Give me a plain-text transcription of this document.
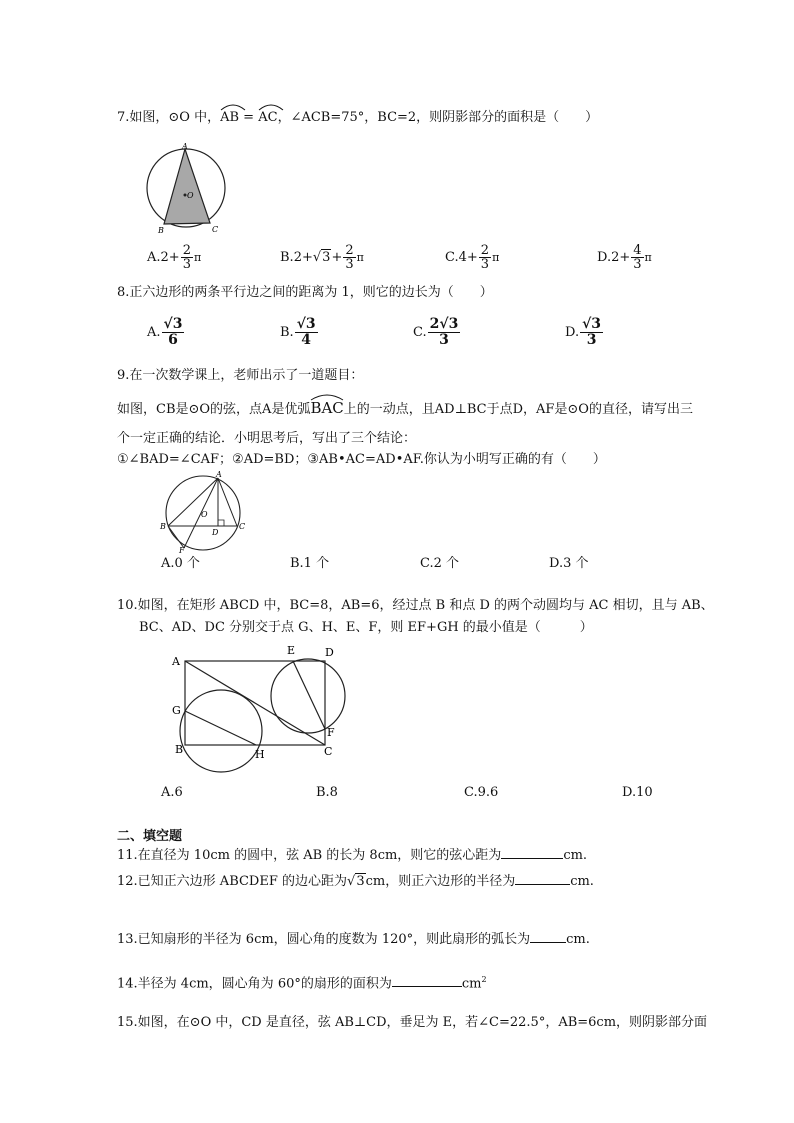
7.如图，⊙O 中，
AB =
AC，∠ACB=75°，BC=2，则阴影部分的面积是（　　）
A
B	C
O
$A.2+ \frac{2}{3}$ π	$B.2+√3+ \frac{2}{3}$ π	$C.4+ \frac{2}{3}$ π	$D.2+ \frac{4}{3}$ π
8.正六边形的两条平行边之间的距离为 1，则它的边长为（　　）
A. $\frac{√3}{6}$	B. $\frac{√3}{4}$	C. $\frac{2√3}{3}$	D. $\frac{√3}{3}$
9.在一次数学课上，老师出示了一道题目：
如图，CB是⊙O的弦，点A是优弧
BAC上的一动点，且AD⊥BC于点D，AF是⊙O的直径，请写出三
个一定正确的结论．小明思考后，写出了三个结论：
①∠BAD=∠CAF；②AD=BD；③AB•AC=AD•AF.你认为小明写正确的有（　　）
A
B	C
D
F
O
A.0 个	B.1 个	C.2 个	D.3 个
10.如图，在矩形 ABCD 中，BC=8，AB=6，经过点 B 和点 D 的两个动圆均与 AC 相切，且与 AB、
BC、AD、DC 分别交于点 G、H、E、F，则 EF+GH 的最小值是（　　　）
A
B	C
D
E
F
G
H
A.6	B.8	C.9.6	D.10
二、填空题
11.在直径为 10cm 的圆中，弦 AB 的长为 8cm，则它的弦心距为	cm.
12.已知正六边形 ABCDEF 的边心距为√3cm，则正六边形的半径为	cm.
13.已知扇形的半径为 6cm，圆心角的度数为 120°，则此扇形的弧长为	cm.
14.半径为 4cm，圆心角为 60°的扇形的面积为	$cm^2$
15.如图，在⊙O 中，CD 是直径，弦 AB⊥CD，垂足为 E，若∠C=22.5°，AB=6cm，则阴影部分面
